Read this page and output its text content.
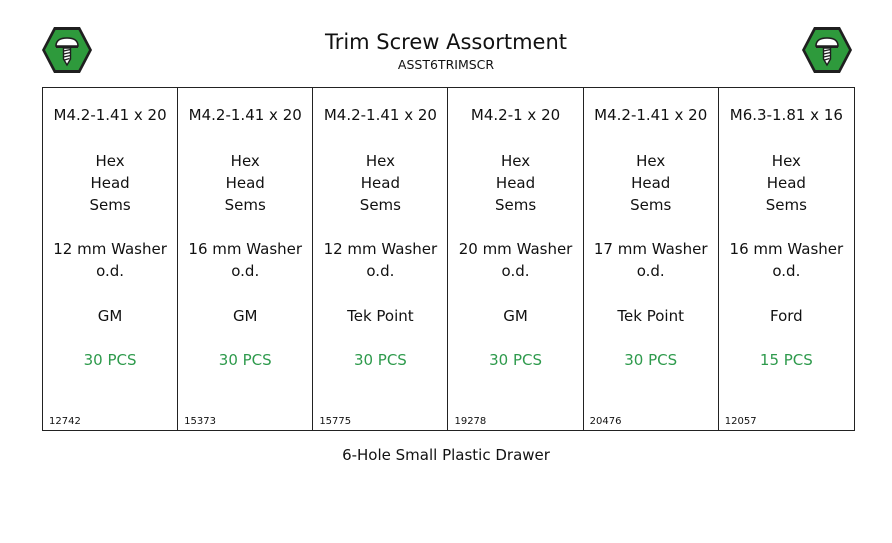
Trim Screw Assortment
ASST6TRIMSCR
M4.2-1.41 x 20
Hex
Head
Sems
12 mm Washer
o.d.
GM
30 PCS
12742
M4.2-1.41 x 20
Hex
Head
Sems
16 mm Washer
o.d.
GM
30 PCS
15373
M4.2-1.41 x 20
Hex
Head
Sems
12 mm Washer
o.d.
Tek Point
30 PCS
15775
M4.2-1 x 20
Hex
Head
Sems
20 mm Washer
o.d.
GM
30 PCS
19278
M4.2-1.41 x 20
Hex
Head
Sems
17 mm Washer
o.d.
Tek Point
30 PCS
20476
M6.3-1.81 x 16
Hex
Head
Sems
16 mm Washer
o.d.
Ford
15 PCS
12057
6-Hole Small Plastic Drawer
